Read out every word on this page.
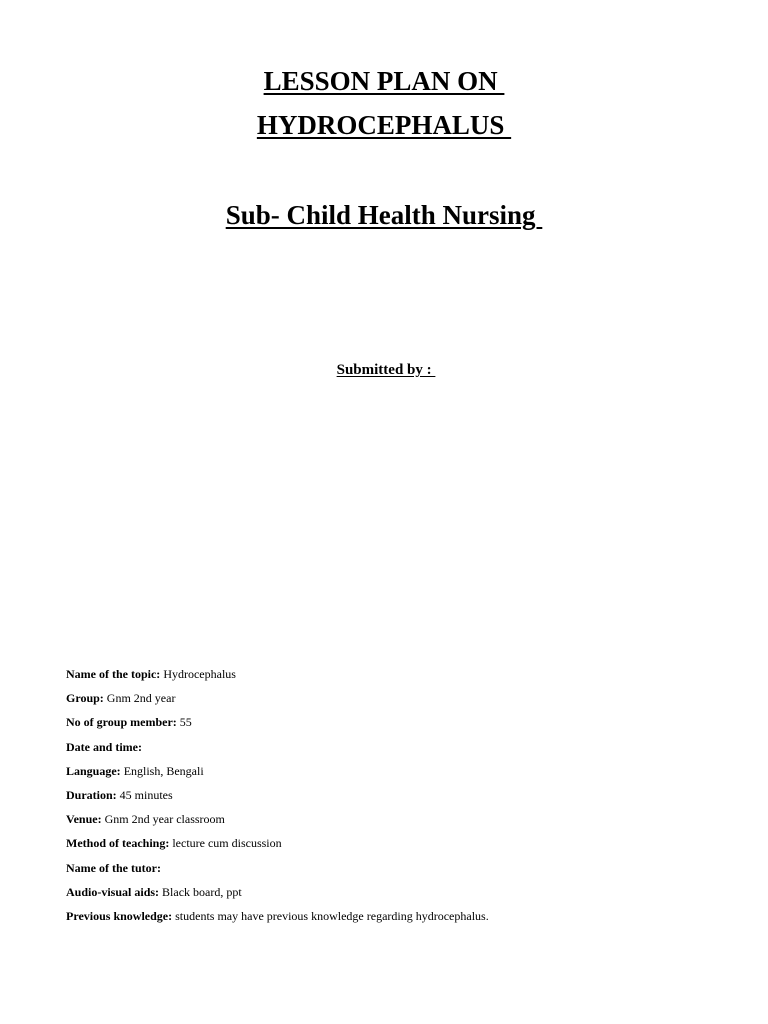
LESSON PLAN ON
HYDROCEPHALUS
Sub- Child Health Nursing
Submitted by :
Name of the topic: Hydrocephalus
Group: Gnm 2nd year
No of group member: 55
Date and time:
Language: English, Bengali
Duration: 45 minutes
Venue: Gnm 2nd year classroom
Method of teaching: lecture cum discussion
Name of the tutor:
Audio-visual aids: Black board, ppt
Previous knowledge: students may have previous knowledge regarding hydrocephalus.
